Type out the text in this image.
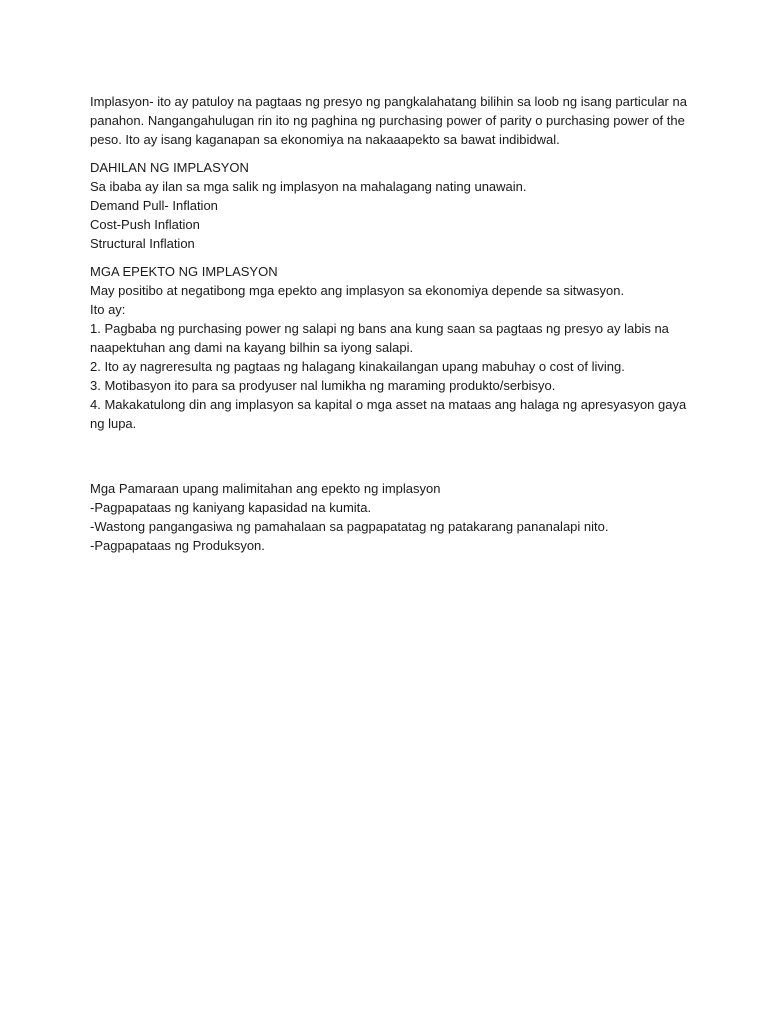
Implasyon- ito ay patuloy na pagtaas ng presyo ng pangkalahatang bilihin sa loob ng isang particular na panahon. Nangangahulugan rin ito ng paghina ng purchasing power of parity o purchasing power of the peso. Ito ay isang kaganapan sa ekonomiya na nakaaapekto sa bawat indibidwal.

DAHILAN NG IMPLASYON
Sa ibaba ay ilan sa mga salik ng implasyon na mahalagang nating unawain.
Demand Pull- Inflation
Cost-Push Inflation
Structural Inflation
MGA EPEKTO NG IMPLASYON
May positibo at negatibong mga epekto ang implasyon sa ekonomiya depende sa sitwasyon.
Ito ay:
1. Pagbaba ng purchasing power ng salapi ng bans ana kung saan sa pagtaas ng presyo ay labis na naapektuhan ang dami na kayang bilhin sa iyong salapi.
2. Ito ay nagreresulta ng pagtaas ng halagang kinakailangan upang mabuhay o cost of living.
3. Motibasyon ito para sa prodyuser nal lumikha ng maraming produkto/serbisyo.
4. Makakatulong din ang implasyon sa kapital o mga asset na mataas ang halaga ng apresyasyon gaya ng lupa.
Mga Pamaraan upang malimitahan ang epekto ng implasyon
-Pagpapataas ng kaniyang kapasidad na kumita.
-Wastong pangangasiwa ng pamahalaan sa pagpapatatag ng patakarang pananalapi nito.
-Pagpapataas ng Produksyon.
